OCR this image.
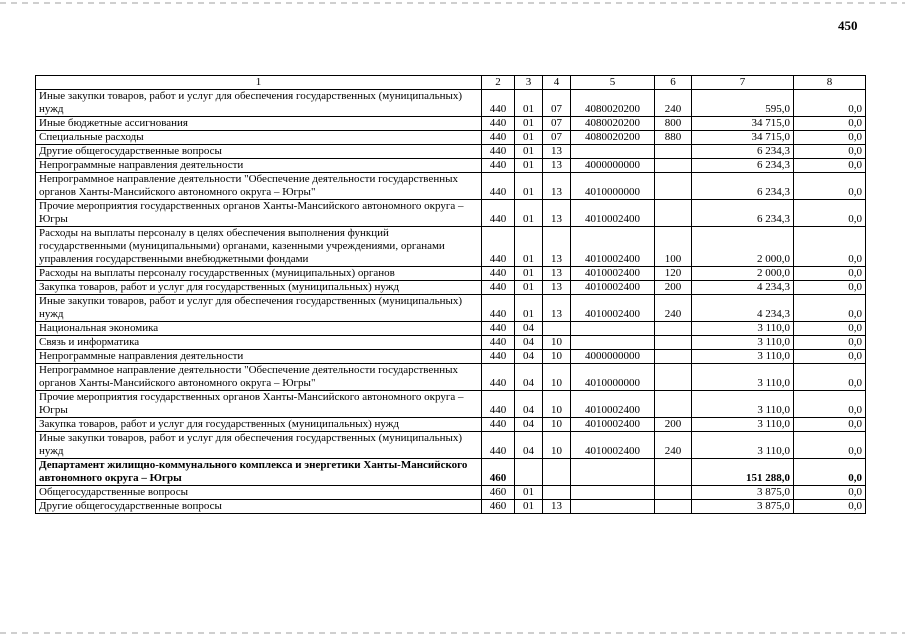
450
1	2	3	4	5	6	7	8
Иные закупки товаров, работ и услуг для обеспечения государственных (муниципальных) нужд	440	01	07	4080020200	240	595,0	0,0
Иные бюджетные ассигнования	440	01	07	4080020200	800	34 715,0	0,0
Специальные расходы	440	01	07	4080020200	880	34 715,0	0,0
Другие общегосударственные вопросы	440	01	13			6 234,3	0,0
Непрограммные направления деятельности	440	01	13	4000000000		6 234,3	0,0
Непрограммное направление деятельности "Обеспечение деятельности государственных органов Ханты-Мансийского автономного округа – Югры"	440	01	13	4010000000		6 234,3	0,0
Прочие мероприятия государственных органов Ханты-Мансийского автономного округа – Югры	440	01	13	4010002400		6 234,3	0,0
Расходы на выплаты персоналу в целях обеспечения выполнения функций государственными (муниципальными) органами, казенными учреждениями, органами управления государственными внебюджетными фондами	440	01	13	4010002400	100	2 000,0	0,0
Расходы на выплаты персоналу государственных (муниципальных) органов	440	01	13	4010002400	120	2 000,0	0,0
Закупка товаров, работ и услуг для государственных (муниципальных) нужд	440	01	13	4010002400	200	4 234,3	0,0
Иные закупки товаров, работ и услуг для обеспечения государственных (муниципальных) нужд	440	01	13	4010002400	240	4 234,3	0,0
Национальная экономика	440	04				3 110,0	0,0
Связь и информатика	440	04	10			3 110,0	0,0
Непрограммные направления деятельности	440	04	10	4000000000		3 110,0	0,0
Непрограммное направление деятельности "Обеспечение деятельности государственных органов Ханты-Мансийского автономного округа – Югры"	440	04	10	4010000000		3 110,0	0,0
Прочие мероприятия государственных органов Ханты-Мансийского автономного округа – Югры	440	04	10	4010002400		3 110,0	0,0
Закупка товаров, работ и услуг для государственных (муниципальных) нужд	440	04	10	4010002400	200	3 110,0	0,0
Иные закупки товаров, работ и услуг для обеспечения государственных (муниципальных) нужд	440	04	10	4010002400	240	3 110,0	0,0
Департамент жилищно-коммунального комплекса и энергетики Ханты-Мансийского автономного округа – Югры	460					151 288,0	0,0
Общегосударственные вопросы	460	01				3 875,0	0,0
Другие общегосударственные вопросы	460	01	13			3 875,0	0,0
